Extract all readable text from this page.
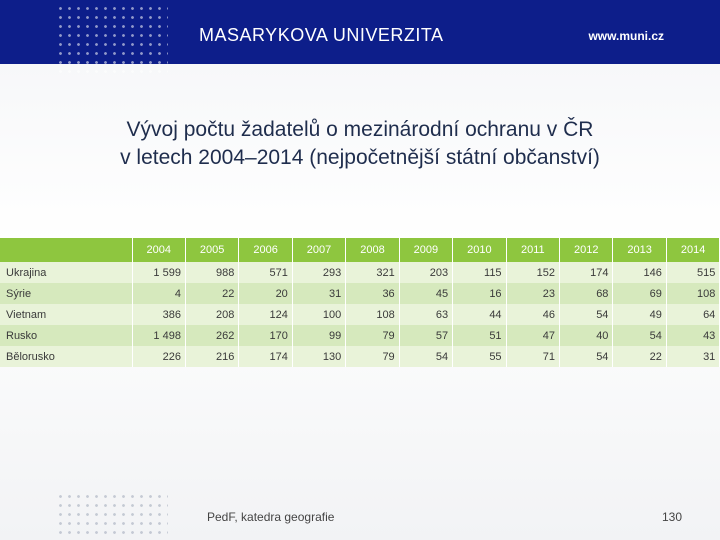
MASARYKOVA UNIVERZITA	www.muni.cz
Vývoj počtu žadatelů o mezinárodní ochranu v ČR
v letech 2004–2014 (nejpočetnější státní občanství)
	2004	2005	2006	2007	2008	2009	2010	2011	2012	2013	2014
Ukrajina	1 599	988	571	293	321	203	115	152	174	146	515
Sýrie	4	22	20	31	36	45	16	23	68	69	108
Vietnam	386	208	124	100	108	63	44	46	54	49	64
Rusko	1 498	262	170	99	79	57	51	47	40	54	43
Bělorusko	226	216	174	130	79	54	55	71	54	22	31
PedF, katedra geografie	130
